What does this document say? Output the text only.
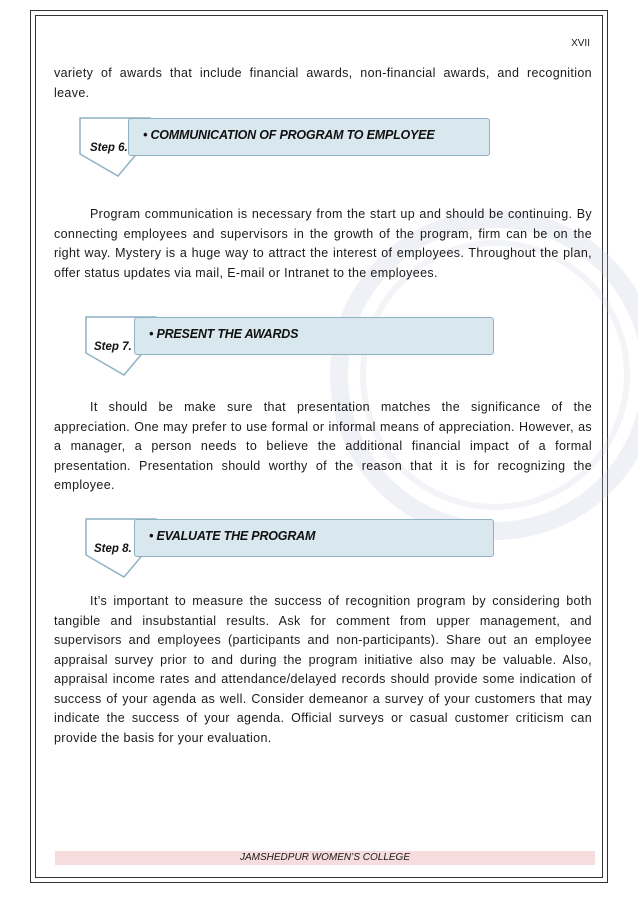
XVII

variety of awards that include financial awards, non-financial awards, and recognition leave.

• COMMUNICATION OF PROGRAM TO EMPLOYEE
Step 6.

Program communication is necessary from the start up and should be continuing. By connecting employees and supervisors in the growth of the program, firm can be on the right way. Mystery is a huge way to attract the interest of employees. Throughout the plan, offer status updates via mail, E-mail or Intranet to the employees.

• PRESENT THE AWARDS
Step 7.

It should be make sure that presentation matches the significance of the appreciation. One may prefer to use formal or informal means of appreciation. However, as a manager, a person needs to believe the additional financial impact of a formal presentation. Presentation should worthy of the reason that it is for recognizing the employee.

• EVALUATE THE PROGRAM
Step 8.

It’s important to measure the success of recognition program by considering both tangible and insubstantial results. Ask for comment from upper management, and supervisors and employees (participants and non-participants). Share out an employee appraisal survey prior to and during the program initiative also may be valuable. Also, appraisal income rates and attendance/delayed records should provide some indication of success of your agenda as well. Consider demeanor a survey of your customers that may indicate the success of your agenda. Official surveys or casual customer criticism can provide the basis for your evaluation.

JAMSHEDPUR WOMEN’S COLLEGE
